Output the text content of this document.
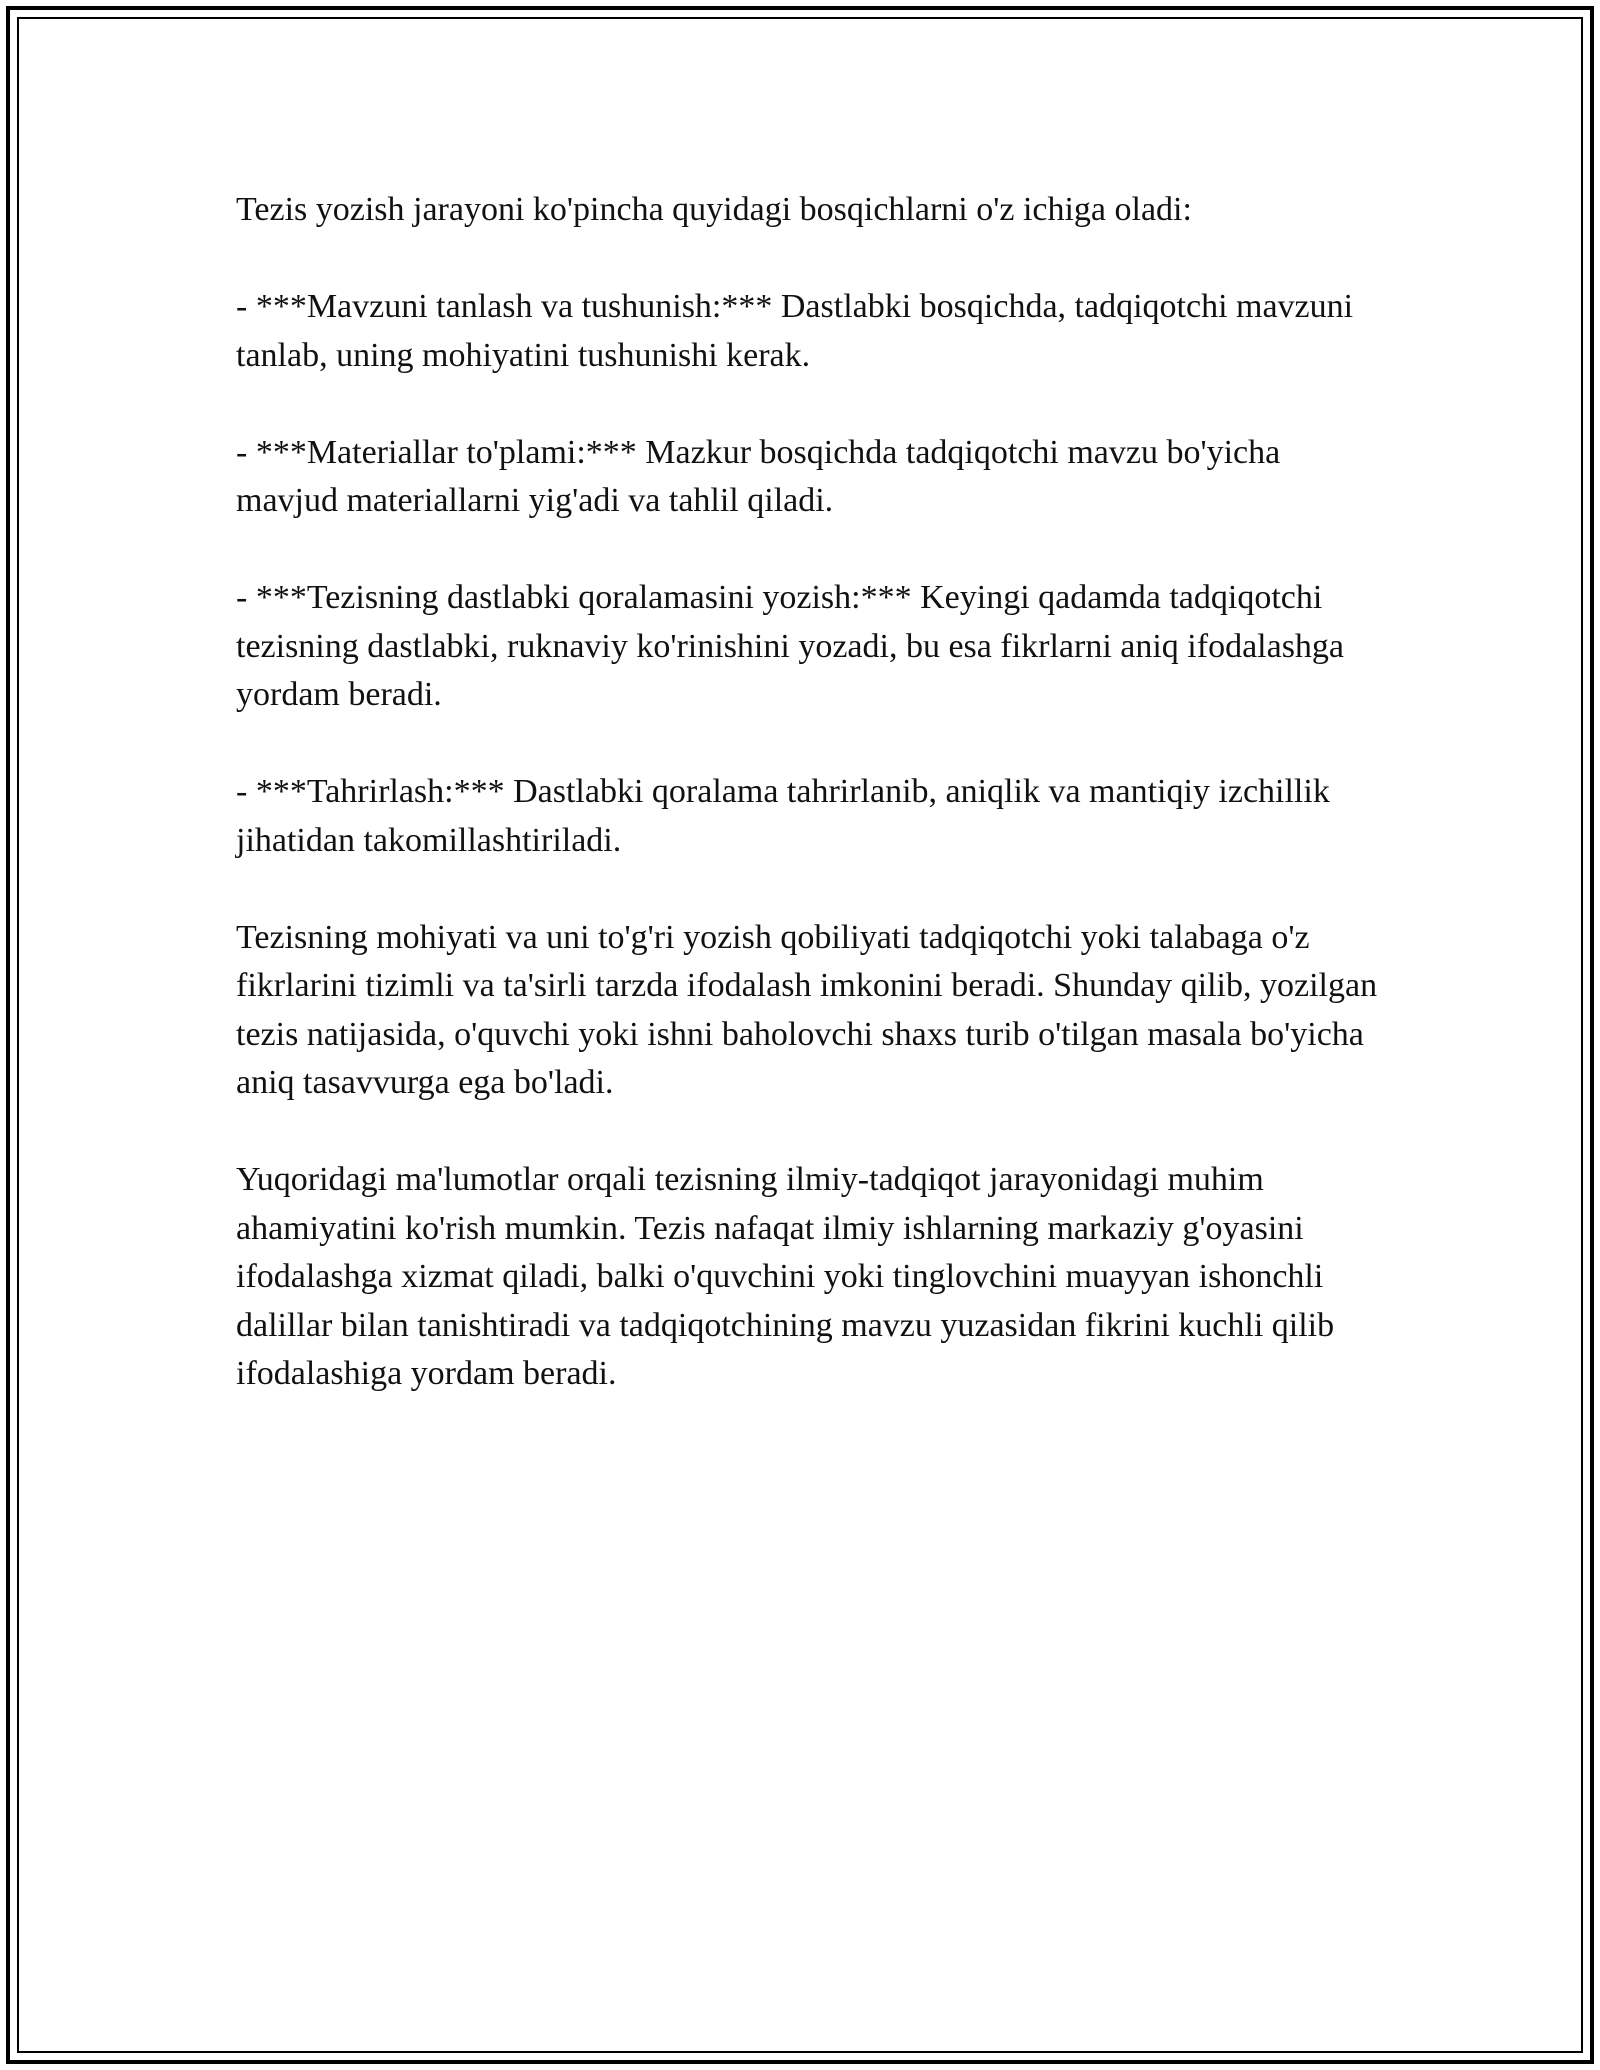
Tezis yozish jarayoni ko'pincha quyidagi bosqichlarni o'z ichiga oladi:

- ***Mavzuni tanlash va tushunish:*** Dastlabki bosqichda, tadqiqotchi mavzuni tanlab, uning mohiyatini tushunishi kerak.

- ***Materiallar to'plami:*** Mazkur bosqichda tadqiqotchi mavzu bo'yicha mavjud materiallarni yig'adi va tahlil qiladi.

- ***Tezisning dastlabki qoralamasini yozish:*** Keyingi qadamda tadqiqotchi tezisning dastlabki, ruknaviy ko'rinishini yozadi, bu esa fikrlarni aniq ifodalashga yordam beradi.

- ***Tahrirlash:*** Dastlabki qoralama tahrirlanib, aniqlik va mantiqiy izchillik jihatidan takomillashtiriladi.

Tezisning mohiyati va uni to'g'ri yozish qobiliyati tadqiqotchi yoki talabaga o'z fikrlarini tizimli va ta'sirli tarzda ifodalash imkonini beradi. Shunday qilib, yozilgan tezis natijasida, o'quvchi yoki ishni baholovchi shaxs turib o'tilgan masala bo'yicha aniq tasavvurga ega bo'ladi.

Yuqoridagi ma'lumotlar orqali tezisning ilmiy-tadqiqot jarayonidagi muhim ahamiyatini ko'rish mumkin. Tezis nafaqat ilmiy ishlarning markaziy g'oyasini ifodalashga xizmat qiladi, balki o'quvchini yoki tinglovchini muayyan ishonchli dalillar bilan tanishtiradi va tadqiqotchining mavzu yuzasidan fikrini kuchli qilib ifodalashiga yordam beradi.
